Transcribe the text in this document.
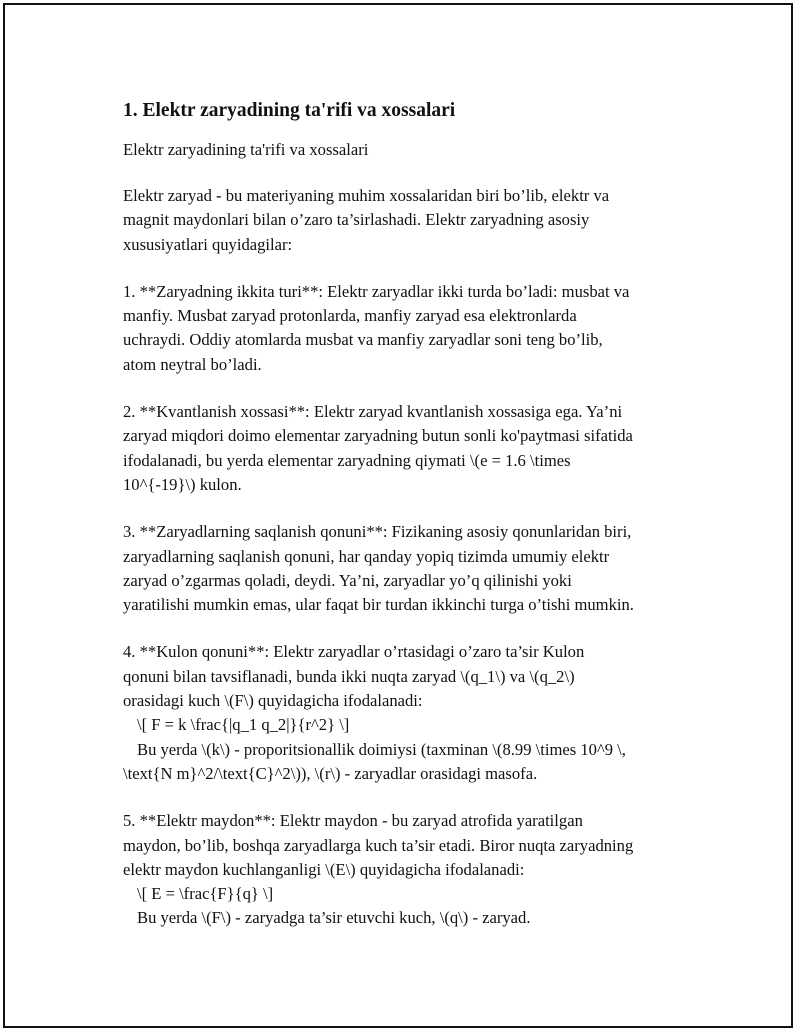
1. Elektr zaryadining ta'rifi va xossalari

Elektr zaryadining ta'rifi va xossalari

Elektr zaryad - bu materiyaning muhim xossalaridan biri bo’lib, elektr va
magnit maydonlari bilan o’zaro ta’sirlashadi. Elektr zaryadning asosiy
xususiyatlari quyidagilar:

1. **Zaryadning ikkita turi**: Elektr zaryadlar ikki turda bo’ladi: musbat va
manfiy. Musbat zaryad protonlarda, manfiy zaryad esa elektronlarda
uchraydi. Oddiy atomlarda musbat va manfiy zaryadlar soni teng bo’lib,
atom neytral bo’ladi.

2. **Kvantlanish xossasi**: Elektr zaryad kvantlanish xossasiga ega. Ya’ni
zaryad miqdori doimo elementar zaryadning butun sonli ko'paytmasi sifatida
ifodalanadi, bu yerda elementar zaryadning qiymati \(e = 1.6 \times
10^{-19}\) kulon.

3. **Zaryadlarning saqlanish qonuni**: Fizikaning asosiy qonunlaridan biri,
zaryadlarning saqlanish qonuni, har qanday yopiq tizimda umumiy elektr
zaryad o’zgarmas qoladi, deydi. Ya’ni, zaryadlar yo’q qilinishi yoki
yaratilishi mumkin emas, ular faqat bir turdan ikkinchi turga o’tishi mumkin.

4. **Kulon qonuni**: Elektr zaryadlar o’rtasidagi o’zaro ta’sir Kulon
qonuni bilan tavsiflanadi, bunda ikki nuqta zaryad \(q_1\) va \(q_2\)
orasidagi kuch \(F\) quyidagicha ifodalanadi:
\[ F = k \frac{|q_1 q_2|}{r^2} \]
Bu yerda \(k\) - proporitsionallik doimiysi (taxminan \(8.99 \times 10^9 \,
\text{N m}^2/\text{C}^2\)), \(r\) - zaryadlar orasidagi masofa.

5. **Elektr maydon**: Elektr maydon - bu zaryad atrofida yaratilgan
maydon, bo’lib, boshqa zaryadlarga kuch ta’sir etadi. Biror nuqta zaryadning
elektr maydon kuchlanganligi \(E\) quyidagicha ifodalanadi:
\[ E = \frac{F}{q} \]
Bu yerda \(F\) - zaryadga ta’sir etuvchi kuch, \(q\) - zaryad.
